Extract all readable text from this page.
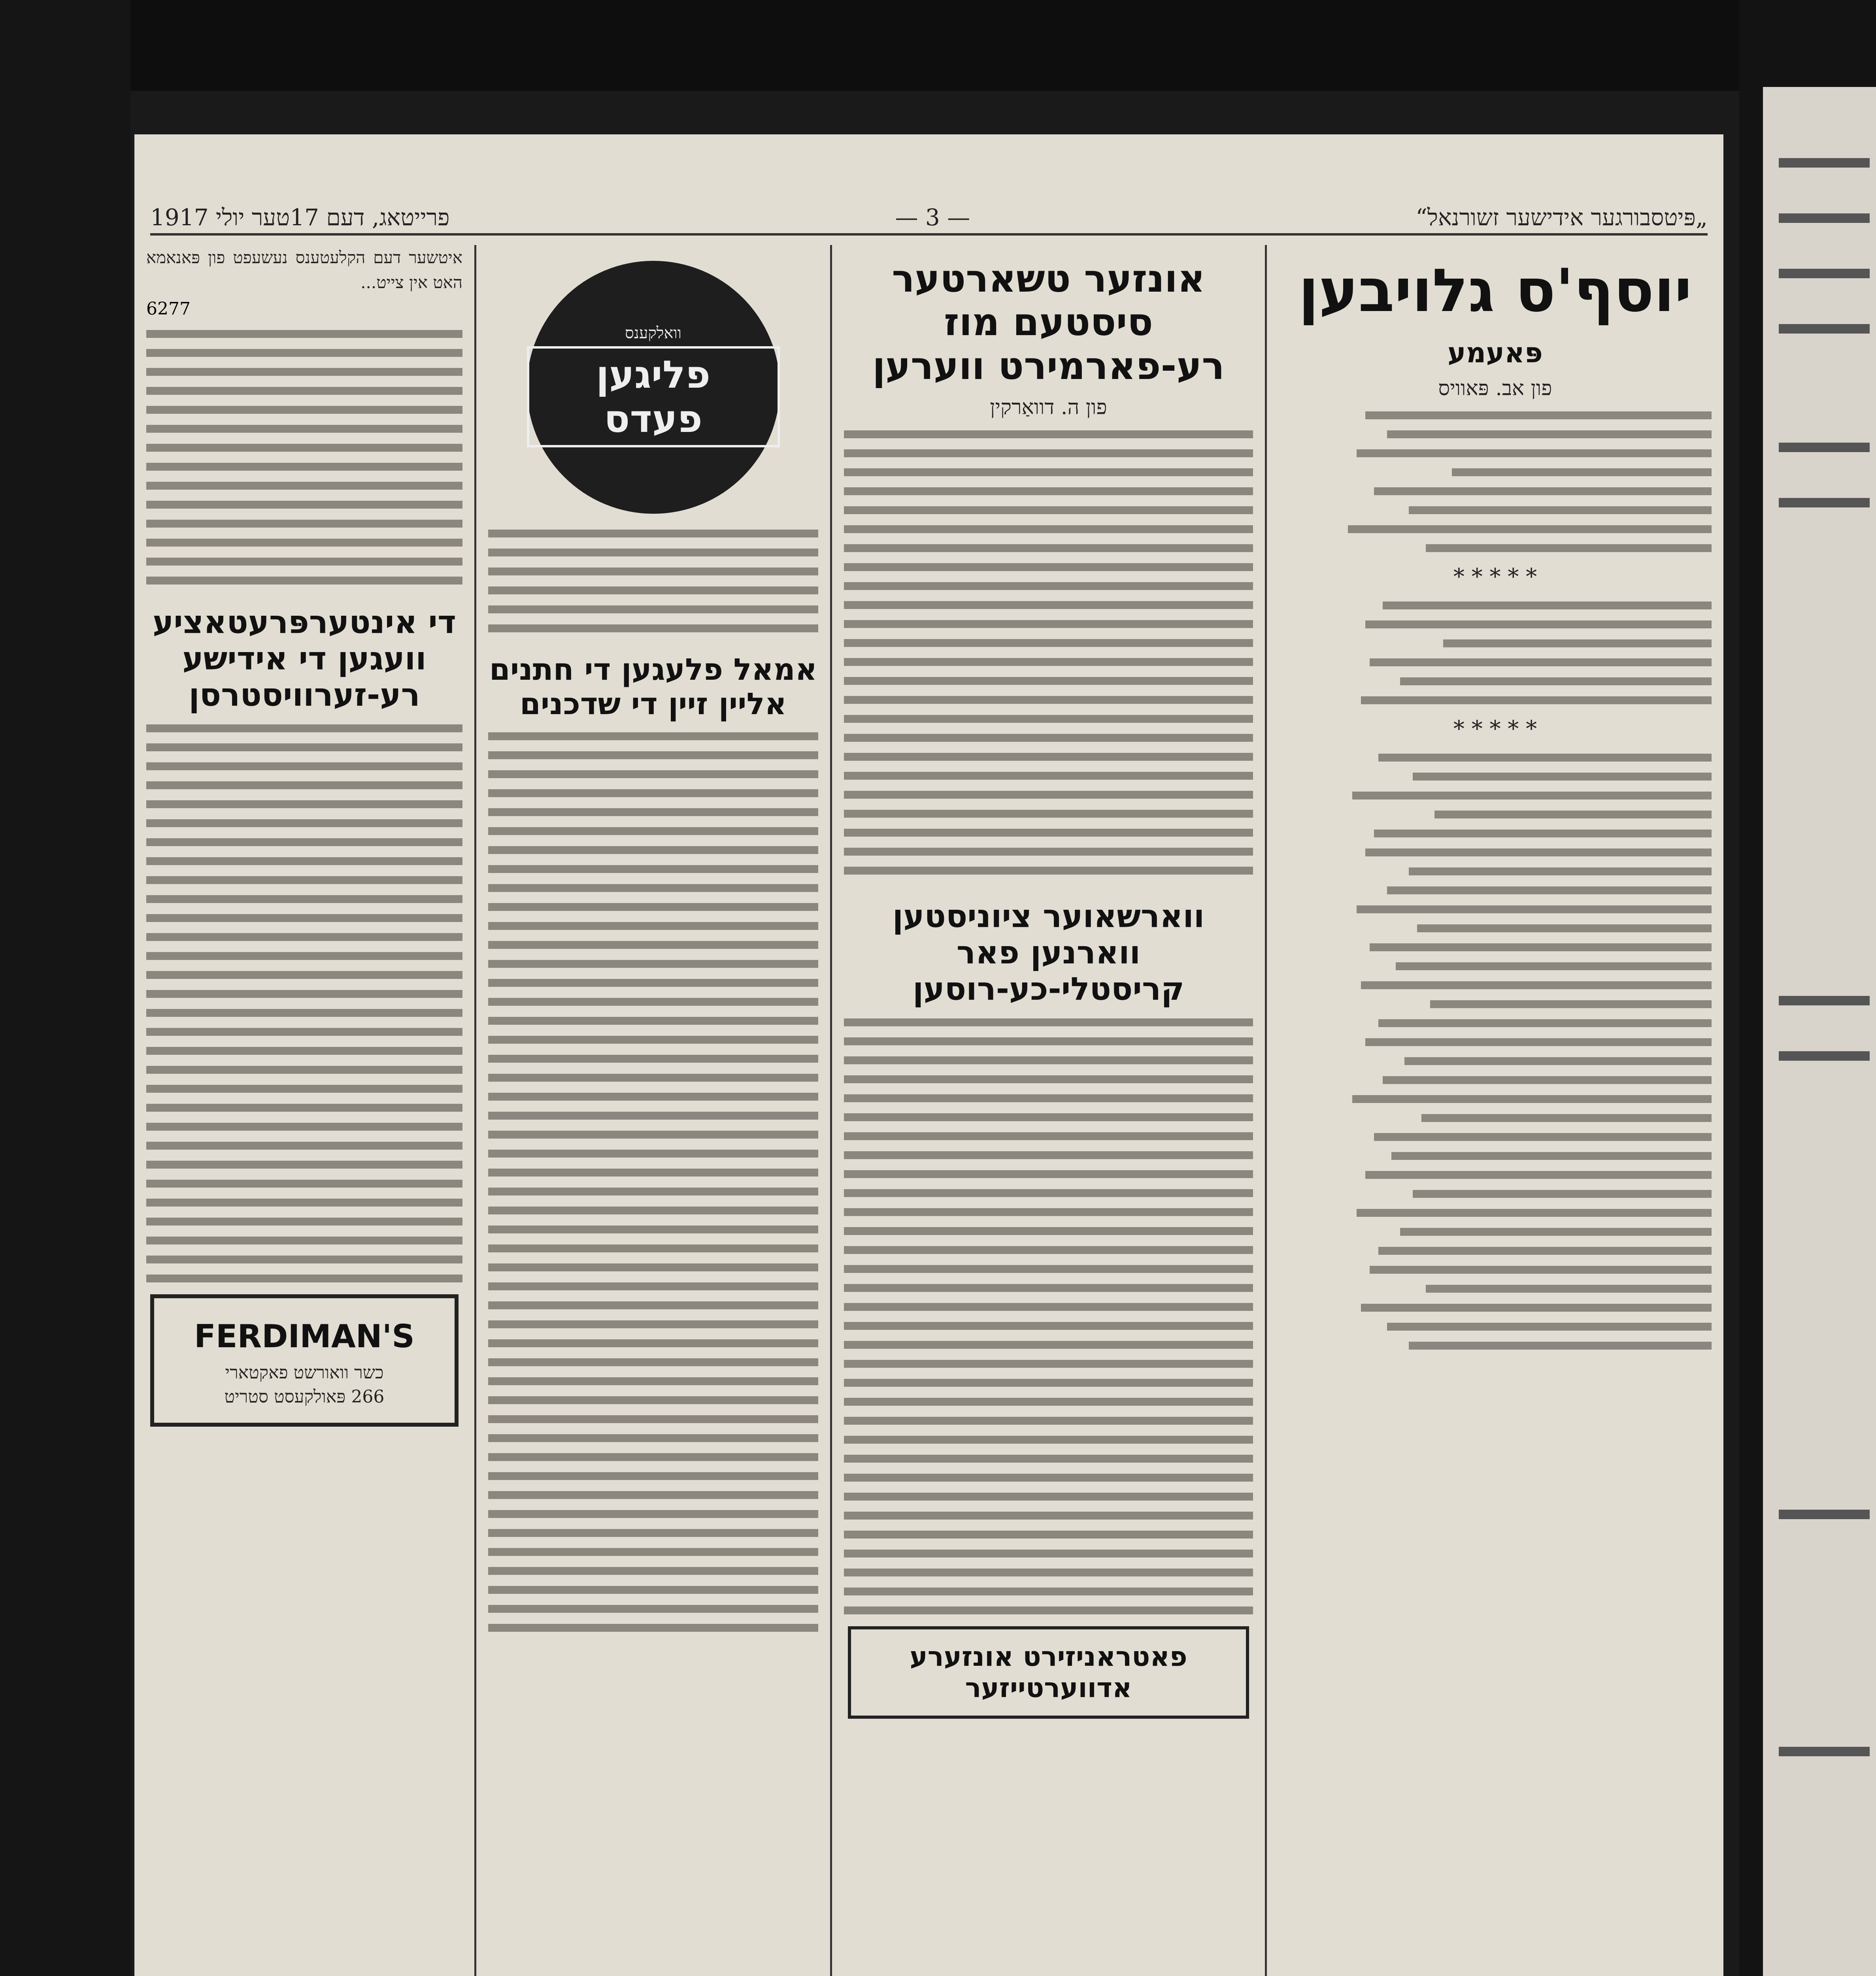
„פּיטסבורגער אידישער זשורנאל“
— 3 —
פרייטאג, דעם 17טער יולי 1917
יוסף'ס גלויבען
פּאעמע
פון אב. פּאוויס
* * * * *
* * * * *
אונזער טשארטער סיסטעם מוז רע-פארמירט ווערען
פון ה. דוואַרקין
ווארשאוער ציוניסטען ווארנען פאר קריסטלי-כע-רוסען
פאטראניזירט אונזערע אדווערטייזער
וואלקענס
פליגען פעדס
אמאל פלעגען די חתנים אליין זיין די שדכנים
איטשער דעם הקלעטענס נעשעפט פון פּאנאמא האט אין צייט...
6277
די אינטערפּרעטאציע וועגען די אידישע רע-זערוויסטרסן
FERDIMAN'S
כשר וואורשט פאקטארי
266 פּאולקעסט סטריט
